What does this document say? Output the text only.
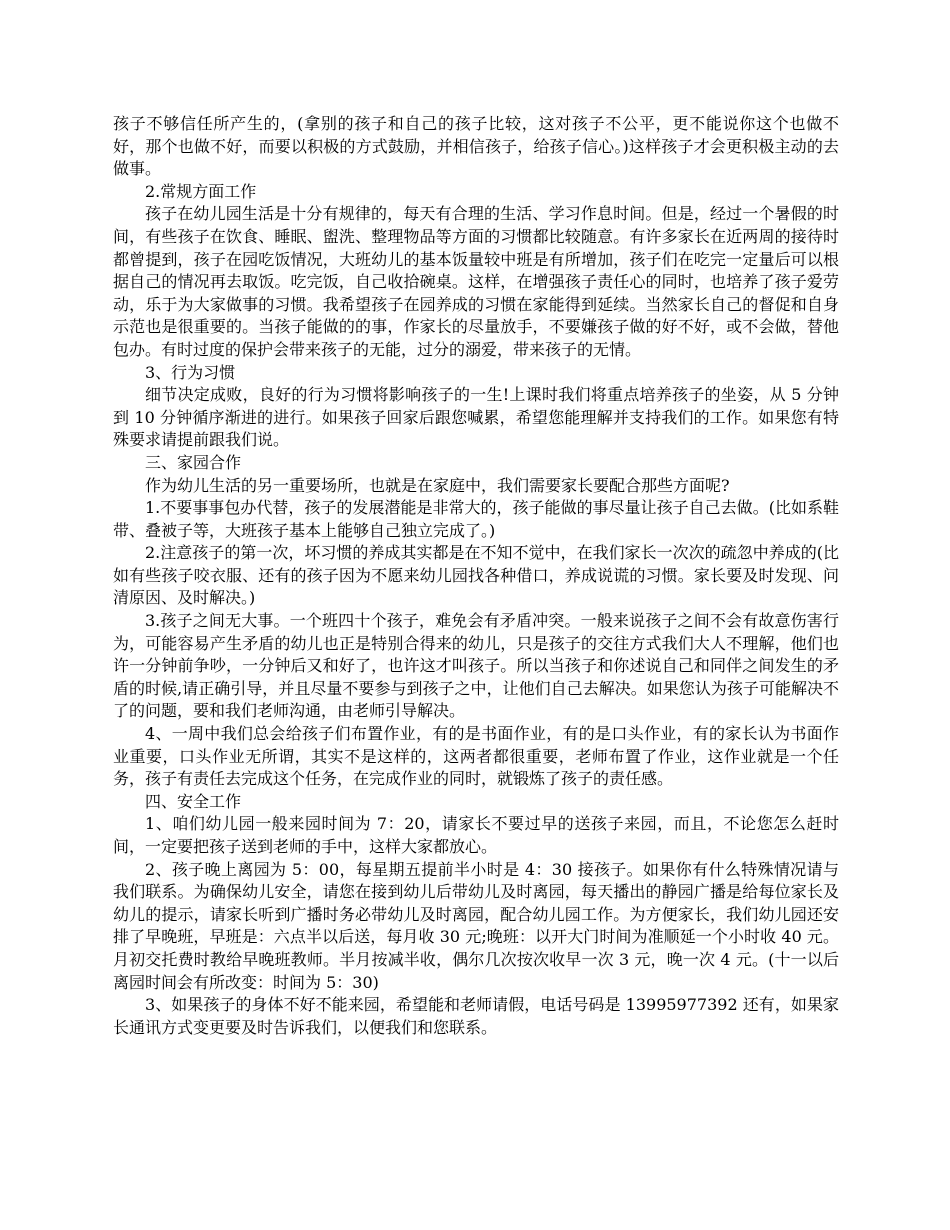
孩子不够信任所产生的，(拿别的孩子和自己的孩子比较，这对孩子不公平，更不能说你这个也做不好，那个也做不好，而要以积极的方式鼓励，并相信孩子，给孩子信心。)这样孩子才会更积极主动的去做事。

2.常规方面工作

孩子在幼儿园生活是十分有规律的，每天有合理的生活、学习作息时间。但是，经过一个暑假的时间，有些孩子在饮食、睡眠、盥洗、整理物品等方面的习惯都比较随意。有许多家长在近两周的接待时都曾提到，孩子在园吃饭情况，大班幼儿的基本饭量较中班是有所增加，孩子们在吃完一定量后可以根据自己的情况再去取饭。吃完饭，自己收拾碗桌。这样，在增强孩子责任心的同时，也培养了孩子爱劳动，乐于为大家做事的习惯。我希望孩子在园养成的习惯在家能得到延续。当然家长自己的督促和自身示范也是很重要的。当孩子能做的的事，作家长的尽量放手，不要嫌孩子做的好不好，或不会做，替他包办。有时过度的保护会带来孩子的无能，过分的溺爱，带来孩子的无情。

3、行为习惯

细节决定成败，良好的行为习惯将影响孩子的一生!上课时我们将重点培养孩子的坐姿，从 5 分钟到 10 分钟循序渐进的进行。如果孩子回家后跟您喊累，希望您能理解并支持我们的工作。如果您有特殊要求请提前跟我们说。

三、家园合作

作为幼儿生活的另一重要场所，也就是在家庭中，我们需要家长要配合那些方面呢?

1.不要事事包办代替，孩子的发展潜能是非常大的，孩子能做的事尽量让孩子自己去做。(比如系鞋带、叠被子等，大班孩子基本上能够自己独立完成了。)

2.注意孩子的第一次，坏习惯的养成其实都是在不知不觉中，在我们家长一次次的疏忽中养成的(比如有些孩子咬衣服、还有的孩子因为不愿来幼儿园找各种借口，养成说谎的习惯。家长要及时发现、问清原因、及时解决。)

3.孩子之间无大事。一个班四十个孩子，难免会有矛盾冲突。一般来说孩子之间不会有故意伤害行为，可能容易产生矛盾的幼儿也正是特别合得来的幼儿，只是孩子的交往方式我们大人不理解，他们也许一分钟前争吵，一分钟后又和好了，也许这才叫孩子。所以当孩子和你述说自己和同伴之间发生的矛盾的时候,请正确引导，并且尽量不要参与到孩子之中，让他们自己去解决。如果您认为孩子可能解决不了的问题，要和我们老师沟通，由老师引导解决。

4、一周中我们总会给孩子们布置作业，有的是书面作业，有的是口头作业，有的家长认为书面作业重要，口头作业无所谓，其实不是这样的，这两者都很重要，老师布置了作业，这作业就是一个任务，孩子有责任去完成这个任务，在完成作业的同时，就锻炼了孩子的责任感。

四、安全工作

1、咱们幼儿园一般来园时间为 7：20，请家长不要过早的送孩子来园，而且，不论您怎么赶时间，一定要把孩子送到老师的手中，这样大家都放心。

2、孩子晚上离园为 5：00，每星期五提前半小时是 4：30 接孩子。如果你有什么特殊情况请与我们联系。为确保幼儿安全，请您在接到幼儿后带幼儿及时离园，每天播出的静园广播是给每位家长及幼儿的提示，请家长听到广播时务必带幼儿及时离园，配合幼儿园工作。为方便家长，我们幼儿园还安排了早晚班，早班是：六点半以后送，每月收 30 元;晚班：以开大门时间为准顺延一个小时收 40 元。月初交托费时教给早晚班教师。半月按减半收，偶尔几次按次收早一次 3 元，晚一次 4 元。(十一以后离园时间会有所改变：时间为 5：30)

3、如果孩子的身体不好不能来园，希望能和老师请假，电话号码是 13995977392 还有，如果家长通讯方式变更要及时告诉我们，以便我们和您联系。
